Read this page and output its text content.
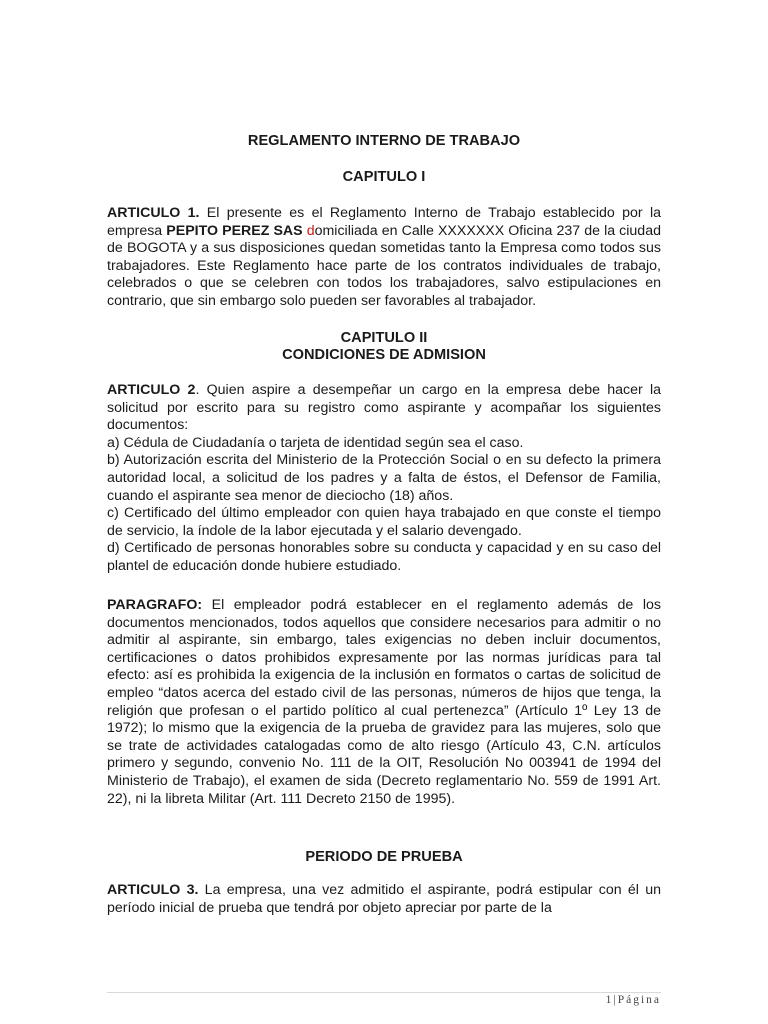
REGLAMENTO INTERNO DE TRABAJO
CAPITULO I

ARTICULO 1. El presente es el Reglamento Interno de Trabajo establecido por la empresa PEPITO PEREZ SAS domiciliada en Calle XXXXXXX Oficina 237 de la ciudad de BOGOTA y a sus disposiciones quedan sometidas tanto la Empresa como todos sus trabajadores. Este Reglamento hace parte de los contratos individuales de trabajo, celebrados o que se celebren con todos los trabajadores, salvo estipulaciones en contrario, que sin embargo solo pueden ser favorables al trabajador.

CAPITULO II
CONDICIONES DE ADMISION

ARTICULO 2. Quien aspire a desempeñar un cargo en la empresa debe hacer la solicitud por escrito para su registro como aspirante y acompañar los siguientes documentos:

a) Cédula de Ciudadanía o tarjeta de identidad según sea el caso.

b) Autorización escrita del Ministerio de la Protección Social o en su defecto la primera autoridad local, a solicitud de los padres y a falta de éstos, el Defensor de Familia, cuando el aspirante sea menor de dieciocho (18) años.

c) Certificado del último empleador con quien haya trabajado en que conste el tiempo de servicio, la índole de la labor ejecutada y el salario devengado.

d) Certificado de personas honorables sobre su conducta y capacidad y en su caso del plantel de educación donde hubiere estudiado.

PARAGRAFO: El empleador podrá establecer en el reglamento además de los documentos mencionados, todos aquellos que considere necesarios para admitir o no admitir al aspirante, sin embargo, tales exigencias no deben incluir documentos, certificaciones o datos prohibidos expresamente por las normas jurídicas para tal efecto: así es prohibida la exigencia de la inclusión en formatos o cartas de solicitud de empleo “datos acerca del estado civil de las personas, números de hijos que tenga, la religión que profesan o el partido político al cual pertenezca” (Artículo 1º Ley 13 de 1972); lo mismo que la exigencia de la prueba de gravidez para las mujeres, solo que se trate de actividades catalogadas como de alto riesgo (Artículo 43, C.N. artículos primero y segundo, convenio No. 111 de la OIT, Resolución No 003941 de 1994 del Ministerio de Trabajo), el examen de sida (Decreto reglamentario No. 559 de 1991 Art. 22), ni la libreta Militar (Art. 111 Decreto 2150 de 1995).

PERIODO DE PRUEBA

ARTICULO 3. La empresa, una vez admitido el aspirante, podrá estipular con él un período inicial de prueba que tendrá por objeto apreciar por parte de la

1|Página
